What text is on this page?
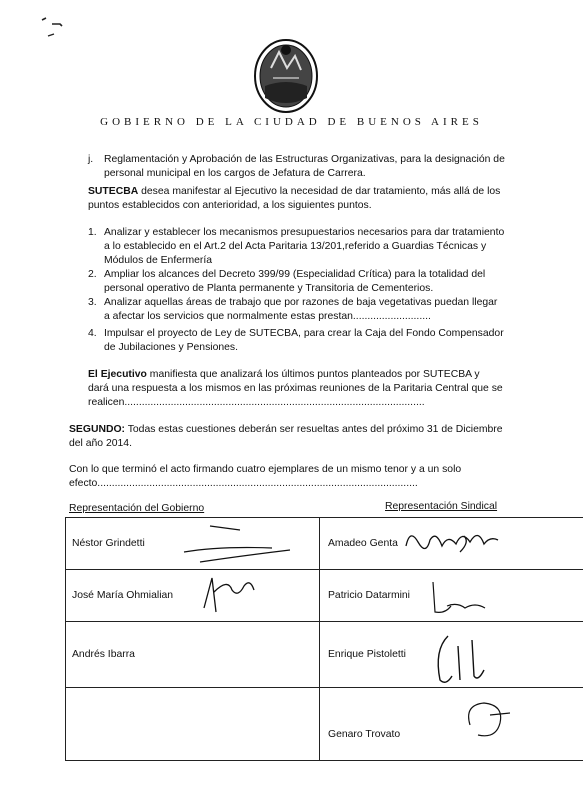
GOBIERNO DE LA CIUDAD DE BUENOS AIRES
j. Reglamentación y Aprobación de las Estructuras Organizativas, para la designación de
personal municipal en los cargos de Jefatura de Carrera.
SUTECBA desea manifestar al Ejecutivo la necesidad de dar tratamiento, más allá de los
puntos establecidos con anterioridad, a los siguientes puntos.
1. Analizar y establecer los mecanismos presupuestarios necesarios para dar tratamiento
a lo establecido en el Art.2 del Acta Paritaria 13/201,referido a Guardias Técnicas y
Módulos de Enfermería
2. Ampliar los alcances del Decreto 399/99 (Especialidad Crítica) para la totalidad del
personal operativo de Planta permanente y Transitoria de Cementerios.
3. Analizar aquellas áreas de trabajo que por razones de baja vegetativas puedan llegar
a afectar los servicios que normalmente estas prestan...........................
4. Impulsar el proyecto de Ley de SUTECBA, para crear la Caja del Fondo Compensador
de Jubilaciones y Pensiones.
El Ejecutivo manifiesta que analizará los últimos puntos planteados por SUTECBA y
dará una respuesta a los mismos en las próximas reuniones de la Paritaria Central que se
realicen........................................................................................................
SEGUNDO: Todas estas cuestiones deberán ser resueltas antes del próximo 31 de Diciembre
del año 2014.
Con lo que terminó el acto firmando cuatro ejemplares de un mismo tenor y a un solo
efecto...............................................................................................................
Representación del Gobierno	Representación Sindical
Néstor Grindetti	Amadeo Genta
José María Ohmialian	Patricio Datarmini
Andrés Ibarra	Enrique Pistoletti
	Genaro Trovato
